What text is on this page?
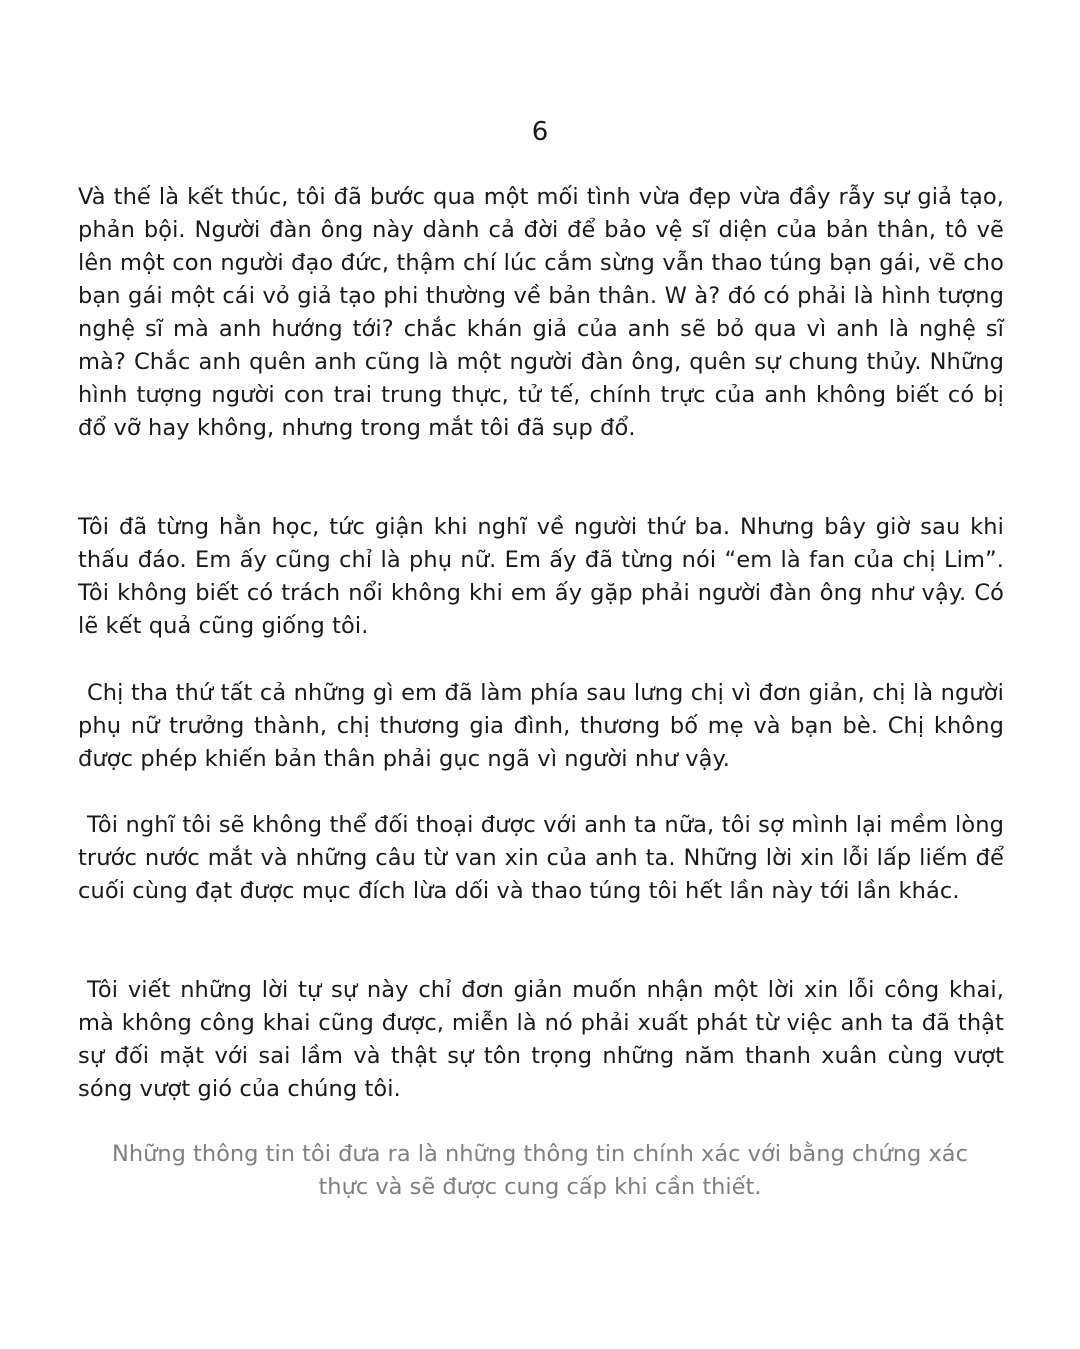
6

Và thế là kết thúc, tôi đã bước qua một mối tình vừa đẹp vừa đầy rẫy sự giả tạo, phản bội. Người đàn ông này dành cả đời để bảo vệ sĩ diện của bản thân, tô vẽ lên một con người đạo đức, thậm chí lúc cắm sừng vẫn thao túng bạn gái, vẽ cho bạn gái một cái vỏ giả tạo phi thường về bản thân. W à? đó có phải là hình tượng nghệ sĩ mà anh hướng tới? chắc khán giả của anh sẽ bỏ qua vì anh là nghệ sĩ mà? Chắc anh quên anh cũng là một người đàn ông, quên sự chung thủy. Những hình tượng người con trai trung thực, tử tế, chính trực của anh không biết có bị đổ vỡ hay không, nhưng trong mắt tôi đã sụp đổ.

Tôi đã từng hằn học, tức giận khi nghĩ về người thứ ba. Nhưng bây giờ sau khi thấu đáo. Em ấy cũng chỉ là phụ nữ. Em ấy đã từng nói “em là fan của chị Lim”. Tôi không biết có trách nổi không khi em ấy gặp phải người đàn ông như vậy. Có lẽ kết quả cũng giống tôi.

Chị tha thứ tất cả những gì em đã làm phía sau lưng chị vì đơn giản, chị là người phụ nữ trưởng thành, chị thương gia đình, thương bố mẹ và bạn bè. Chị không được phép khiến bản thân phải gục ngã vì người như vậy.

Tôi nghĩ tôi sẽ không thể đối thoại được với anh ta nữa, tôi sợ mình lại mềm lòng trước nước mắt và những câu từ van xin của anh ta. Những lời xin lỗi lấp liếm để cuối cùng đạt được mục đích lừa dối và thao túng tôi hết lần này tới lần khác.

Tôi viết những lời tự sự này chỉ đơn giản muốn nhận một lời xin lỗi công khai, mà không công khai cũng được, miễn là nó phải xuất phát từ việc anh ta đã thật sự đối mặt với sai lầm và thật sự tôn trọng những năm thanh xuân cùng vượt sóng vượt gió của chúng tôi.

Những thông tin tôi đưa ra là những thông tin chính xác với bằng chứng xác thực và sẽ được cung cấp khi cần thiết.
